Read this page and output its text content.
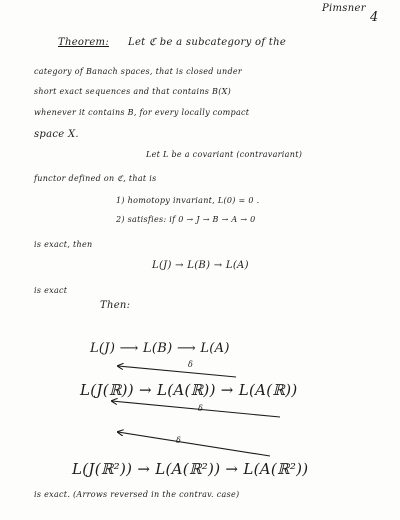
Pimsner
4
Theorem: Let ℭ be a subcategory of the
category of Banach spaces, that is closed under
short exact sequences and that contains B(X)
whenever it contains B, for every locally compact
space X.
Let L be a covariant (contravariant)
functor defined on ℭ, that is
1) homotopy invariant, L(0) = 0 .
2) satisfies: if 0 → J → B → A → 0
is exact, then
L(J) → L(B) → L(A)
is exact
Then:
L(J) ⟶ L(B) ⟶ L(A)
L(J(ℝ)) → L(A(ℝ)) → L(A(ℝ))
L(J(ℝ²)) → L(A(ℝ²)) → L(A(ℝ²))
δ
δ
δ
is exact. (Arrows reversed in the contrav. case)
